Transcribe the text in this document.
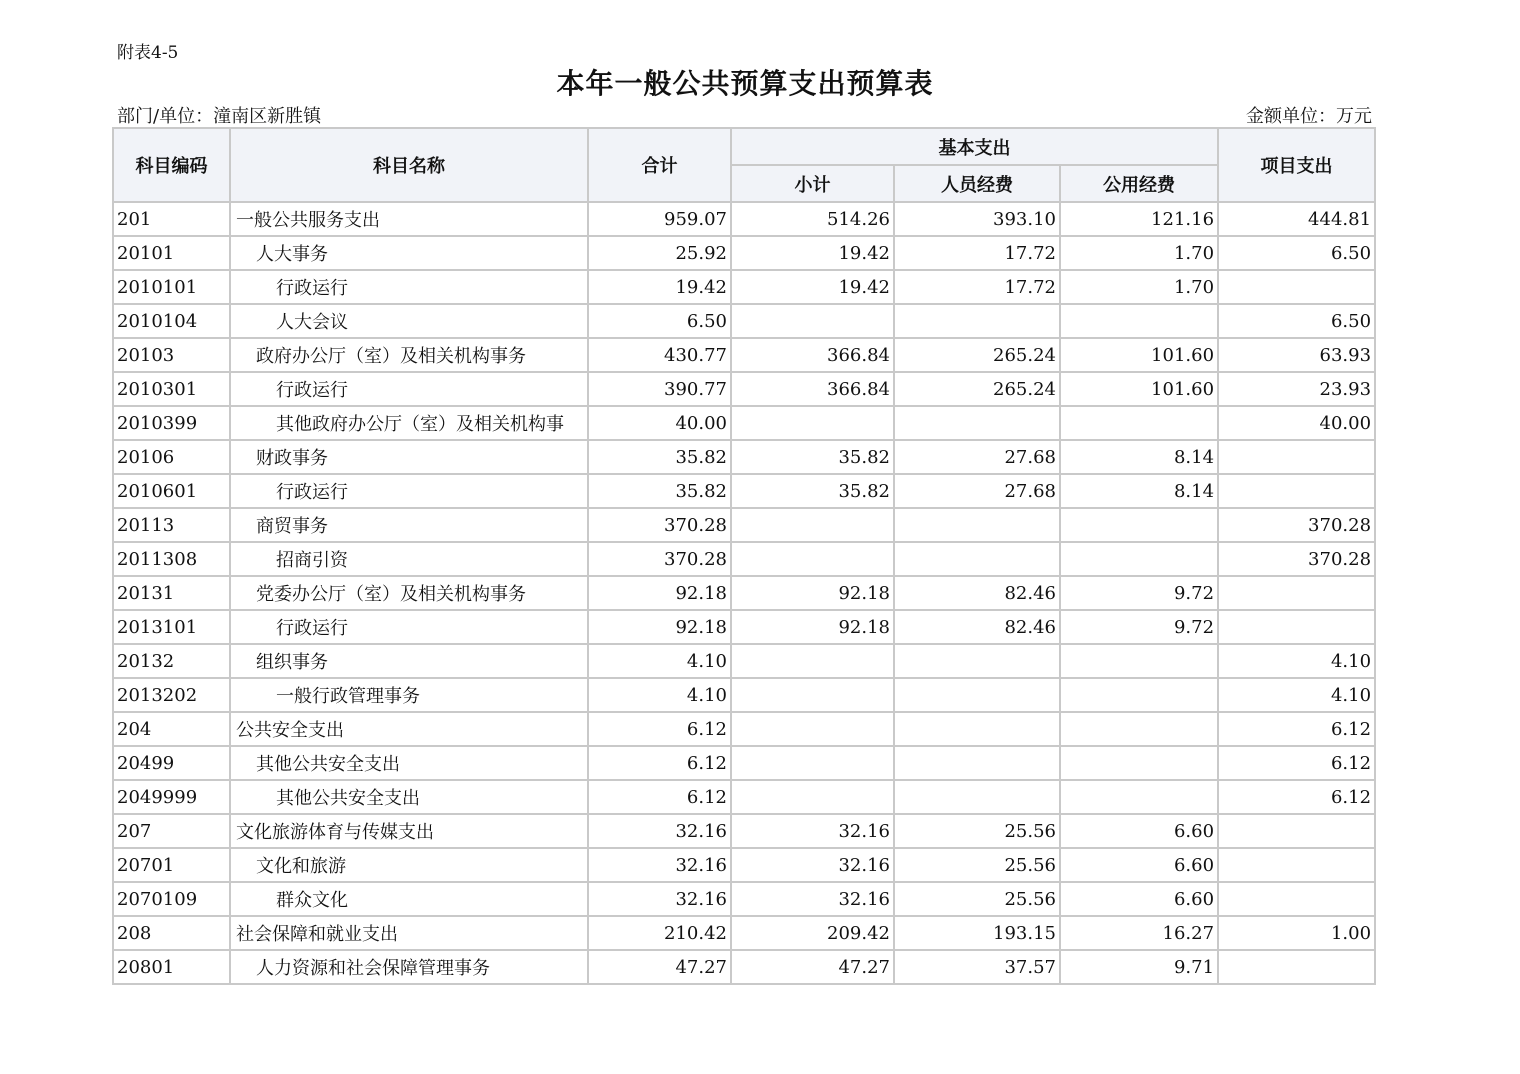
附表4-5
本年一般公共预算支出预算表
部门/单位：潼南区新胜镇	金额单位：万元
科目编码	科目名称	合计	基本支出			项目支出
			小计	人员经费	公用经费	
201	一般公共服务支出	959.07	514.26	393.10	121.16	444.81
20101	人大事务	25.92	19.42	17.72	1.70	6.50
2010101	行政运行	19.42	19.42	17.72	1.70	
2010104	人大会议	6.50				6.50
20103	政府办公厅（室）及相关机构事务	430.77	366.84	265.24	101.60	63.93
2010301	行政运行	390.77	366.84	265.24	101.60	23.93
2010399	其他政府办公厅（室）及相关机构事	40.00				40.00
20106	财政事务	35.82	35.82	27.68	8.14	
2010601	行政运行	35.82	35.82	27.68	8.14	
20113	商贸事务	370.28				370.28
2011308	招商引资	370.28				370.28
20131	党委办公厅（室）及相关机构事务	92.18	92.18	82.46	9.72	
2013101	行政运行	92.18	92.18	82.46	9.72	
20132	组织事务	4.10				4.10
2013202	一般行政管理事务	4.10				4.10
204	公共安全支出	6.12				6.12
20499	其他公共安全支出	6.12				6.12
2049999	其他公共安全支出	6.12				6.12
207	文化旅游体育与传媒支出	32.16	32.16	25.56	6.60	
20701	文化和旅游	32.16	32.16	25.56	6.60	
2070109	群众文化	32.16	32.16	25.56	6.60	
208	社会保障和就业支出	210.42	209.42	193.15	16.27	1.00
20801	人力资源和社会保障管理事务	47.27	47.27	37.57	9.71	
